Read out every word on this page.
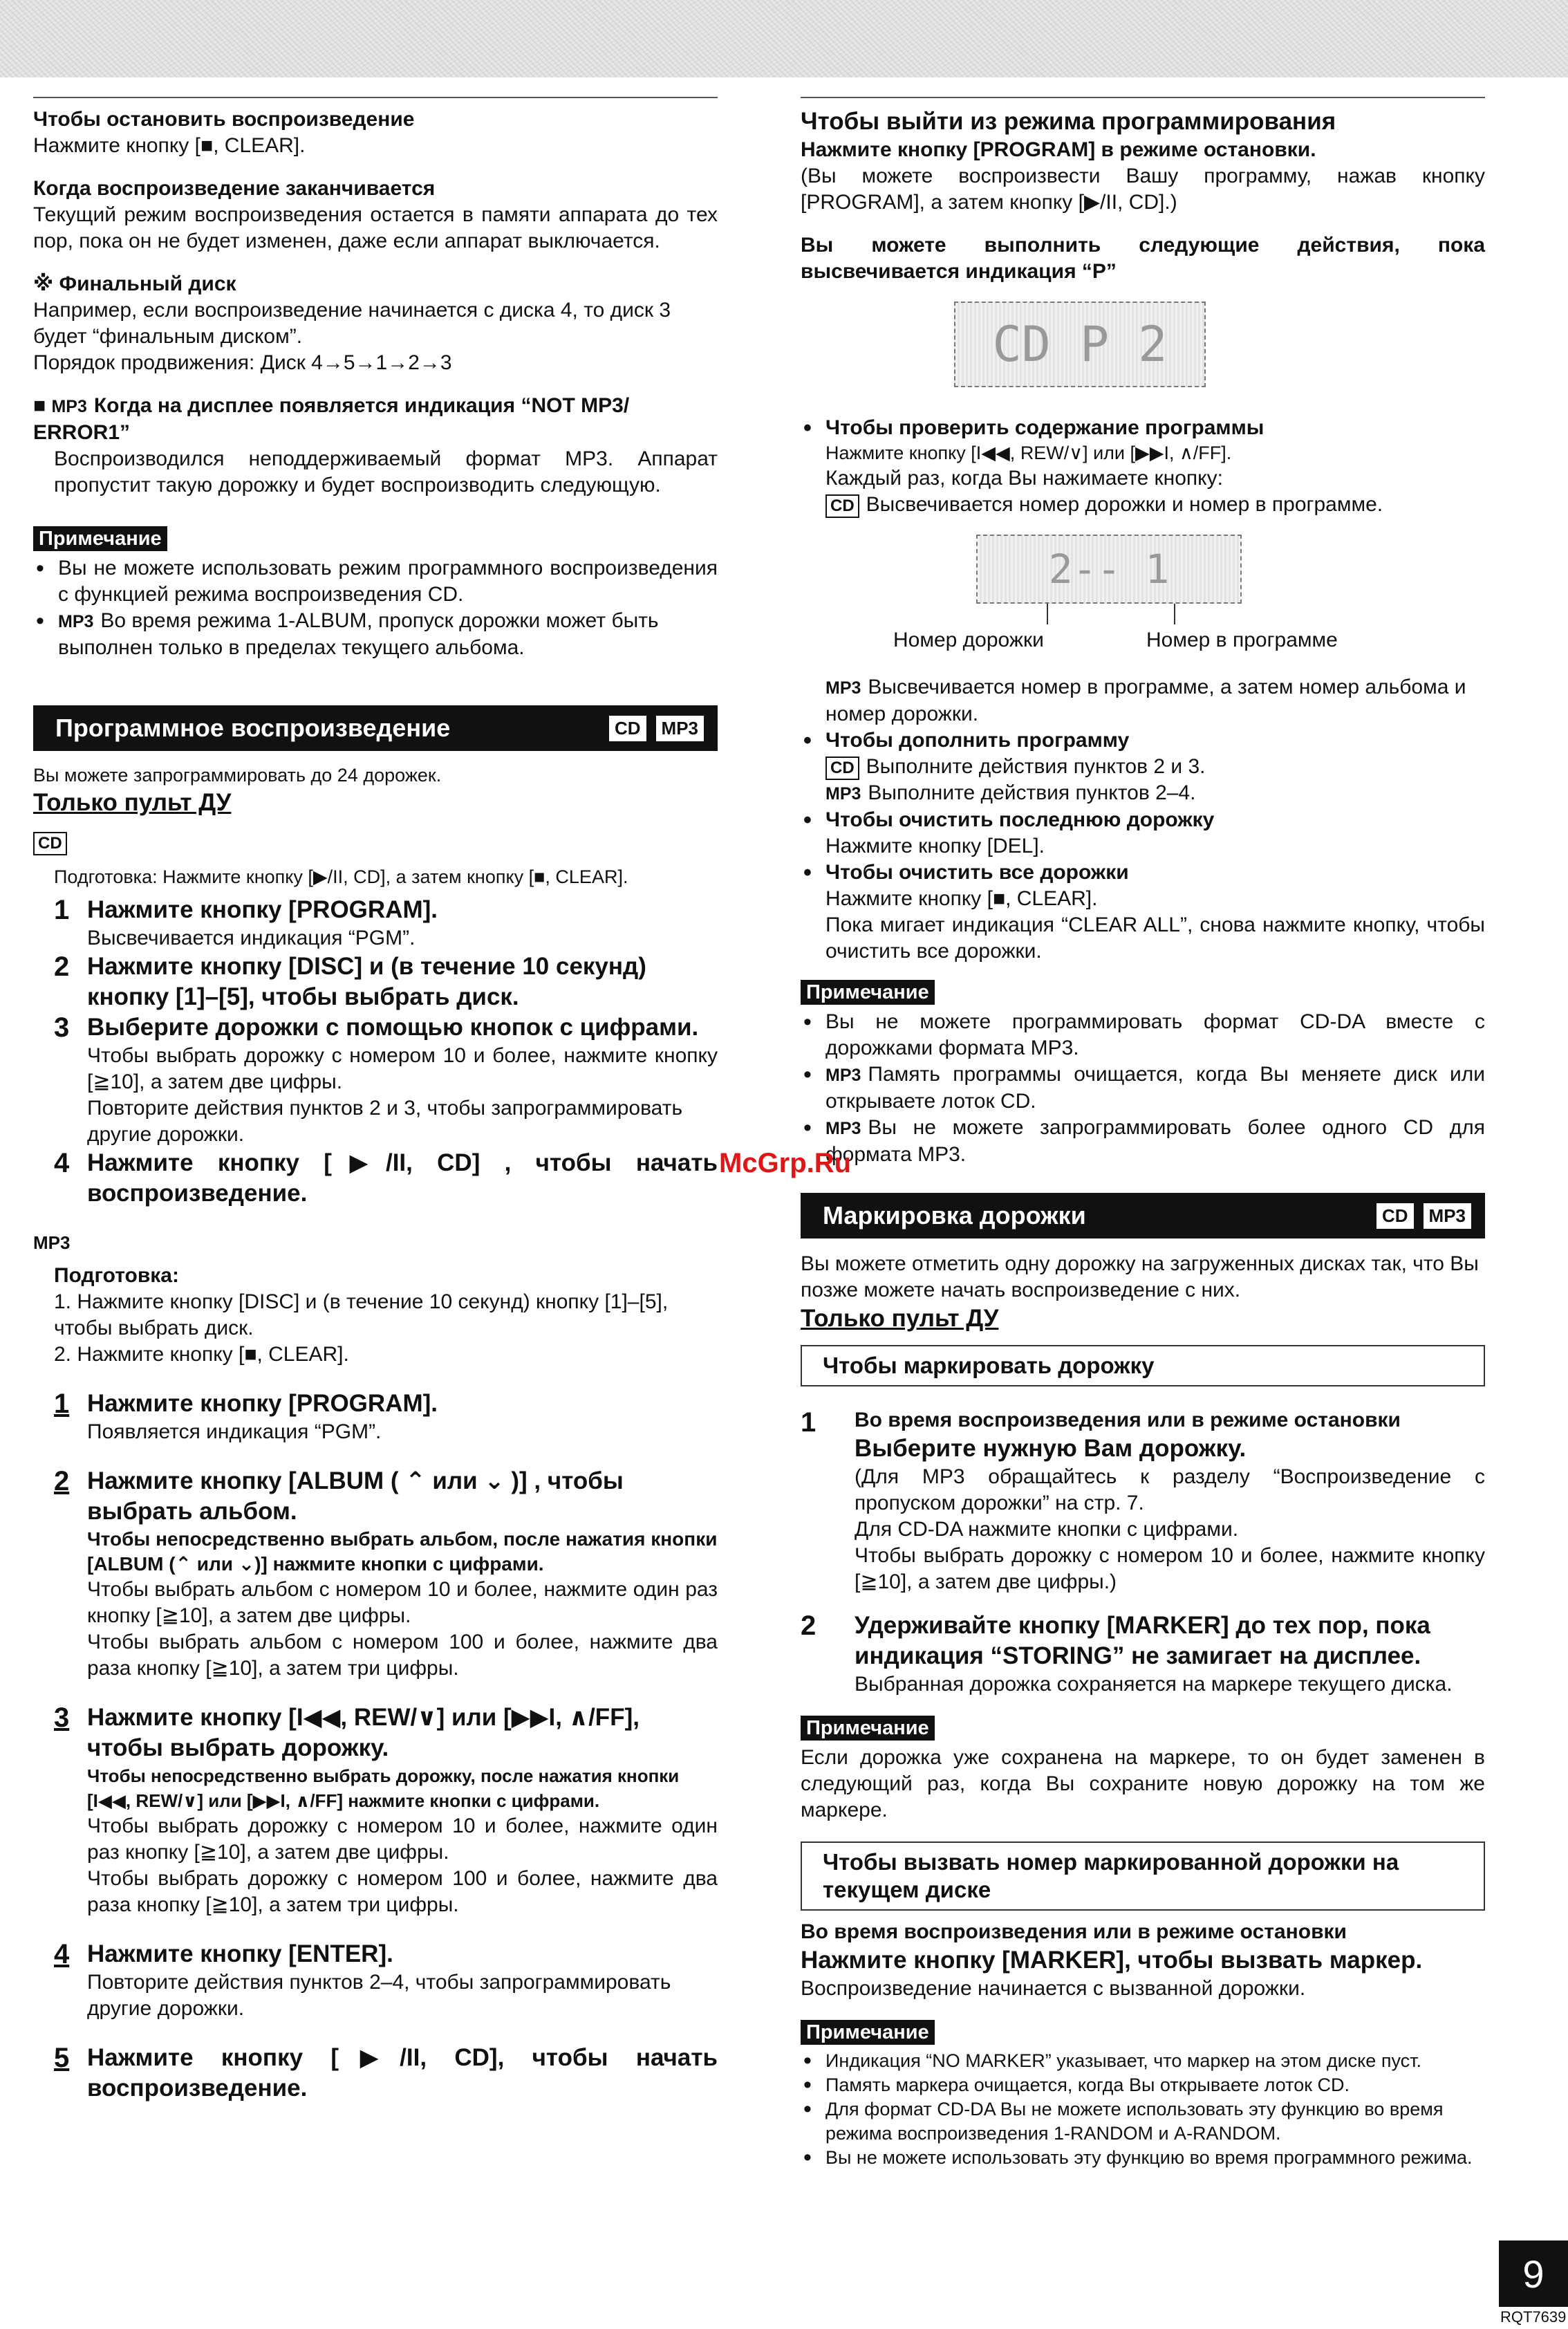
Чтобы остановить воспроизведение

Нажмите кнопку [■, CLEAR].

Когда воспроизведение заканчивается

Текущий режим воспроизведения остается в памяти аппарата до тех пор, пока он не будет изменен, даже если аппарат выключается.

※ Финальный диск

Например, если воспроизведение начинается с диска 4, то диск 3 будет “финальным диском”.

Порядок продвижения: Диск 4→5→1→2→3

■ MP3 Когда на дисплее появляется индикация “NOT MP3/ ERROR1”

Воспроизводился неподдерживаемый формат MP3. Аппарат пропустит такую дорожку и будет воспроизводить следующую.

Примечание

• Вы не можете использовать режим программного воспроизведения с функцией режима воспроизведения CD.

• MP3 Во время режима 1-ALBUM, пропуск дорожки может быть выполнен только в пределах текущего альбома.

Программное воспроизведение	CD	MP3

Вы можете запрограммировать до 24 дорожек.

Только пульт ДУ

CD

Подготовка: Нажмите кнопку [▶/II, CD], а затем кнопку [■, CLEAR].

1 Нажмите кнопку [PROGRAM].

Высвечивается индикация “PGM”.

2 Нажмите кнопку [DISC] и (в течение 10 секунд) кнопку [1]–[5], чтобы выбрать диск.

3 Выберите дорожки с помощью кнопок с цифрами.

Чтобы выбрать дорожку с номером 10 и более, нажмите кнопку [≧10], а затем две цифры.

Повторите действия пунктов 2 и 3, чтобы запрограммировать другие дорожки.

4 Нажмите кнопку [▶/II, CD] , чтобы начать воспроизведение.

MP3

Подготовка:

1. Нажмите кнопку [DISC] и (в течение 10 секунд) кнопку [1]–[5], чтобы выбрать диск.

2. Нажмите кнопку [■, CLEAR].

1 Нажмите кнопку [PROGRAM].

Появляется индикация “PGM”.

2 Нажмите кнопку [ALBUM ( ⌃ или ⌄ )] , чтобы выбрать альбом.

Чтобы непосредственно выбрать альбом, после нажатия кнопки [ALBUM (⌃ или ⌄)] нажмите кнопки с цифрами.

Чтобы выбрать альбом с номером 10 и более, нажмите один раз кнопку [≧10], а затем две цифры.

Чтобы выбрать альбом с номером 100 и более, нажмите два раза кнопку [≧10], а затем три цифры.

3 Нажмите кнопку [I◀◀, REW/∨] или [▶▶I, ∧/FF], чтобы выбрать дорожку.

Чтобы непосредственно выбрать дорожку, после нажатия кнопки [I◀◀, REW/∨] или [▶▶I, ∧/FF] нажмите кнопки с цифрами.

Чтобы выбрать дорожку с номером 10 и более, нажмите один раз кнопку [≧10], а затем две цифры.

Чтобы выбрать дорожку с номером 100 и более, нажмите два раза кнопку [≧10], а затем три цифры.

4 Нажмите кнопку [ENTER].

Повторите действия пунктов 2–4, чтобы запрограммировать другие дорожки.

5 Нажмите кнопку [▶/II, CD], чтобы начать воспроизведение.

Чтобы выйти из режима программирования

Нажмите кнопку [PROGRAM] в режиме остановки.

(Вы можете воспроизвести Вашу программу, нажав кнопку [PROGRAM], а затем кнопку [▶/II, CD].)

Вы можете выполнить следующие действия, пока высвечивается индикация “P”

CD P 2

• Чтобы проверить содержание программы

Нажмите кнопку [I◀◀, REW/∨] или [▶▶I, ∧/FF].

Каждый раз, когда Вы нажимаете кнопку:

CD Высвечивается номер дорожки и номер в программе.

2-- 1
Номер дорожки	Номер в программе

MP3 Высвечивается номер в программе, а затем номер альбома и номер дорожки.

• Чтобы дополнить программу

CD Выполните действия пунктов 2 и 3.

MP3 Выполните действия пунктов 2–4.

• Чтобы очистить последнюю дорожку

Нажмите кнопку [DEL].

• Чтобы очистить все дорожки

Нажмите кнопку [■, CLEAR].

Пока мигает индикация “CLEAR ALL”, снова нажмите кнопку, чтобы очистить все дорожки.

Примечание

• Вы не можете программировать формат CD-DA вместе с дорожками формата MP3.

• MP3 Память программы очищается, когда Вы меняете диск или открываете лоток CD.

• MP3 Вы не можете запрограммировать более одного CD для формата MP3.

Маркировка дорожки	CD	MP3

Вы можете отметить одну дорожку на загруженных дисках так, что Вы позже можете начать воспроизведение с них.

Только пульт ДУ

Чтобы маркировать дорожку
1 Во время воспроизведения или в режиме остановки

Выберите нужную Вам дорожку.

(Для MP3 обращайтесь к разделу “Воспроизведение с пропуском дорожки” на стр. 7.

Для CD-DA нажмите кнопки с цифрами.

Чтобы выбрать дорожку с номером 10 и более, нажмите кнопку [≧10], а затем две цифры.)

2 Удерживайте кнопку [MARKER] до тех пор, пока индикация “STORING” не замигает на дисплее.

Выбранная дорожка сохраняется на маркере текущего диска.

Примечание

Если дорожка уже сохранена на маркере, то он будет заменен в следующий раз, когда Вы сохраните новую дорожку на том же маркере.

Чтобы вызвать номер маркированной дорожки на текущем диске

Во время воспроизведения или в режиме остановки

Нажмите кнопку [MARKER], чтобы вызвать маркер.

Воспроизведение начинается с вызванной дорожки.

Примечание

• Индикация “NO MARKER” указывает, что маркер на этом диске пуст.

• Память маркера очищается, когда Вы открываете лоток CD.

• Для формат CD-DA Вы не можете использовать эту функцию во время режима воспроизведения 1-RANDOM и A-RANDOM.

• Вы не можете использовать эту функцию во время программного режима.

McGrp.Ru
9
RQT7639
